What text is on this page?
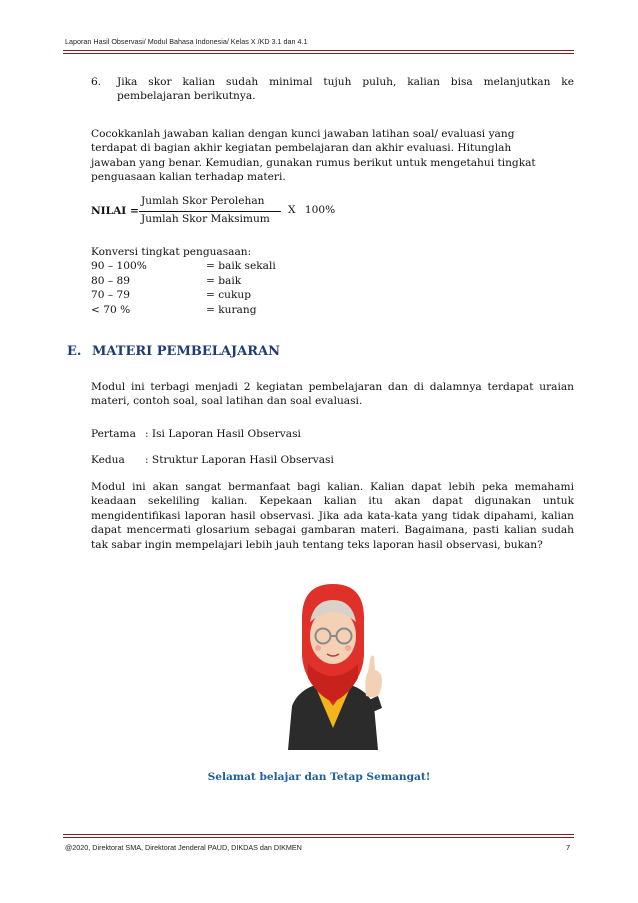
Laporan Hasil Observasi/ Modul Bahasa Indonesia/ Kelas X /KD 3.1 dan 4.1
6. Jika skor kalian sudah minimal tujuh puluh, kalian bisa melanjutkan ke pembelajaran berikutnya.
Cocokkanlah jawaban kalian dengan kunci jawaban latihan soal/ evaluasi yang terdapat di bagian akhir kegiatan pembelajaran dan akhir evaluasi. Hitunglah jawaban yang benar. Kemudian, gunakan rumus berikut untuk mengetahui tingkat penguasaan kalian terhadap materi.
NILAI =
Jumlah Skor Perolehan
Jumlah Skor Maksimum
X 100%
Konversi tingkat penguasaan:
90 – 100%	= baik sekali
80 – 89	= baik
70 – 79	= cukup
< 70 %	= kurang
E. MATERI PEMBELAJARAN
Modul ini terbagi menjadi 2 kegiatan pembelajaran dan di dalamnya terdapat uraian materi, contoh soal, soal latihan dan soal evaluasi.
Pertama : Isi Laporan Hasil Observasi
Kedua : Struktur Laporan Hasil Observasi
Modul ini akan sangat bermanfaat bagi kalian. Kalian dapat lebih peka memahami keadaan sekeliling kalian. Kepekaan kalian itu akan dapat digunakan untuk mengidentifikasi laporan hasil observasi. Jika ada kata-kata yang tidak dipahami, kalian dapat mencermati glosarium sebagai gambaran materi. Bagaimana, pasti kalian sudah tak sabar ingin mempelajari lebih jauh tentang teks laporan hasil observasi, bukan?
Selamat belajar dan Tetap Semangat!
@2020, Direktorat SMA, Direktorat Jenderal PAUD, DIKDAS dan DIKMEN	7
